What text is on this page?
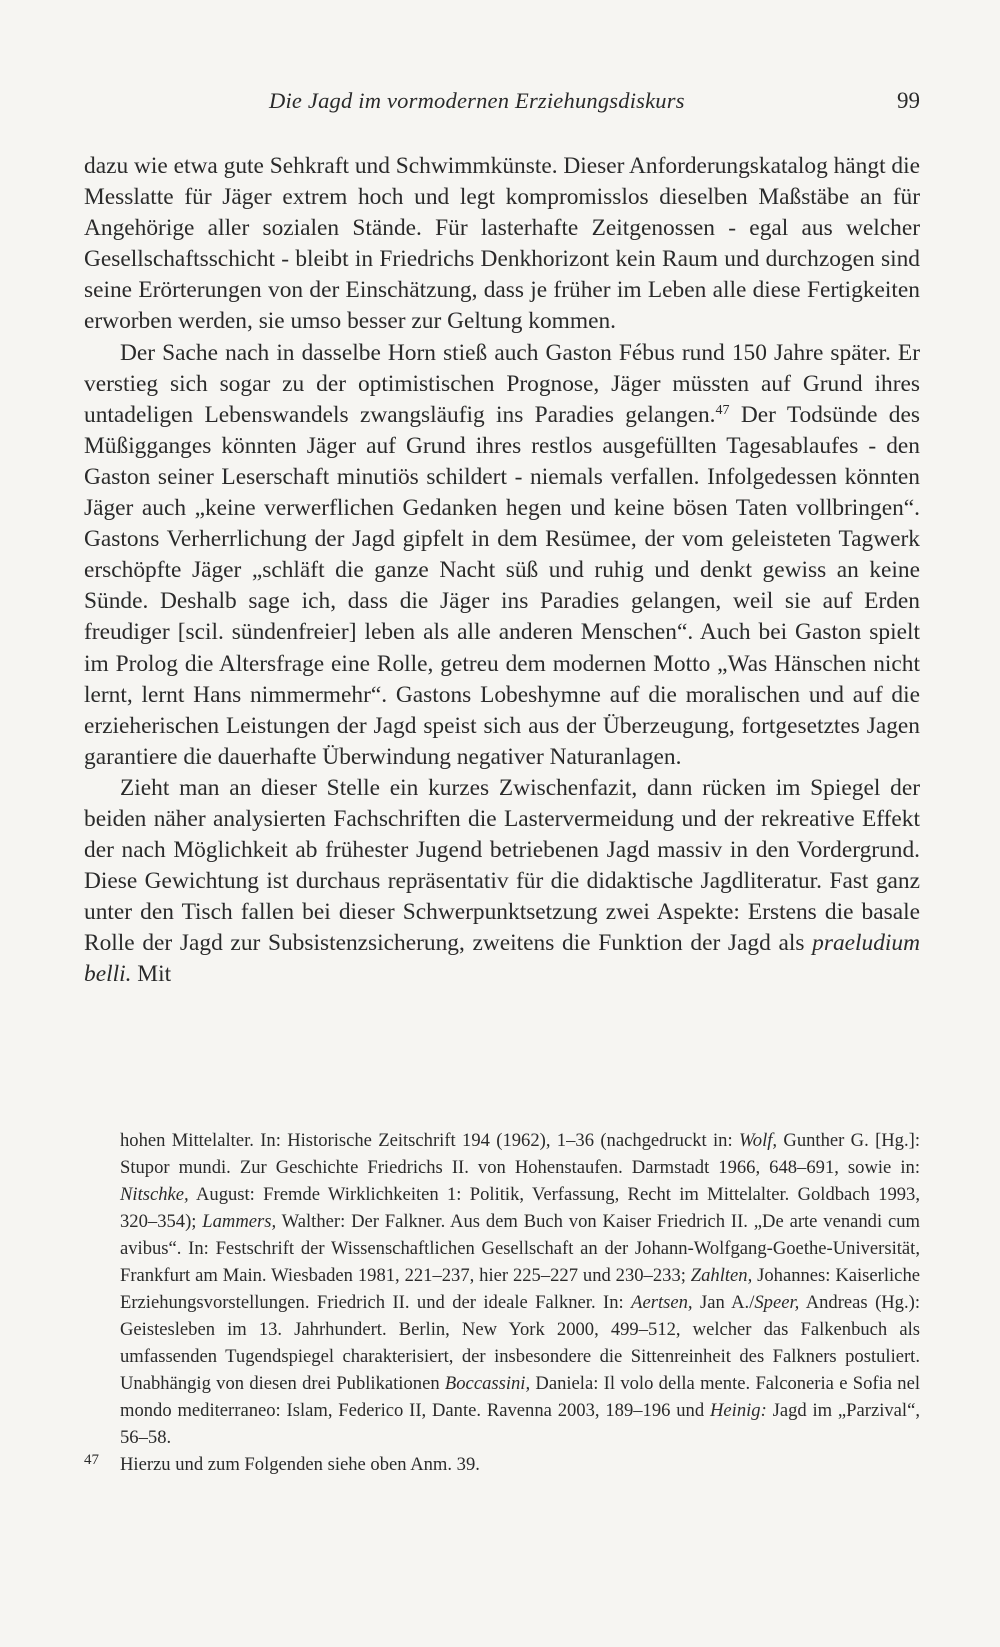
Die Jagd im vormodernen Erziehungsdiskurs	99

dazu wie etwa gute Sehkraft und Schwimmkünste. Dieser Anforderungskatalog hängt die Messlatte für Jäger extrem hoch und legt kompromisslos dieselben Maßstäbe an für Angehörige aller sozialen Stände. Für lasterhafte Zeitgenossen - egal aus welcher Gesellschaftsschicht - bleibt in Friedrichs Denkhorizont kein Raum und durchzogen sind seine Erörterungen von der Einschätzung, dass je früher im Leben alle diese Fertigkeiten erworben werden, sie umso besser zur Geltung kommen.

Der Sache nach in dasselbe Horn stieß auch Gaston Fébus rund 150 Jahre später. Er verstieg sich sogar zu der optimistischen Prognose, Jäger müssten auf Grund ihres untadeligen Lebenswandels zwangsläufig ins Paradies gelangen.$^{47}$ Der Todsünde des Müßigganges könnten Jäger auf Grund ihres restlos ausgefüllten Tagesablaufes - den Gaston seiner Leserschaft minutiös schildert - niemals verfallen. Infolgedessen könnten Jäger auch „keine verwerflichen Gedanken hegen und keine bösen Taten vollbringen“. Gastons Verherrlichung der Jagd gipfelt in dem Resümee, der vom geleisteten Tagwerk erschöpfte Jäger „schläft die ganze Nacht süß und ruhig und denkt gewiss an keine Sünde. Deshalb sage ich, dass die Jäger ins Paradies gelangen, weil sie auf Erden freudiger [scil. sündenfreier] leben als alle anderen Menschen“. Auch bei Gaston spielt im Prolog die Altersfrage eine Rolle, getreu dem modernen Motto „Was Hänschen nicht lernt, lernt Hans nimmermehr“. Gastons Lobeshymne auf die moralischen und auf die erzieherischen Leistungen der Jagd speist sich aus der Überzeugung, fortgesetztes Jagen garantiere die dauerhafte Überwindung negativer Naturanlagen.

Zieht man an dieser Stelle ein kurzes Zwischenfazit, dann rücken im Spiegel der beiden näher analysierten Fachschriften die Lastervermeidung und der rekreative Effekt der nach Möglichkeit ab frühester Jugend betriebenen Jagd massiv in den Vordergrund. Diese Gewichtung ist durchaus repräsentativ für die didaktische Jagdliteratur. Fast ganz unter den Tisch fallen bei dieser Schwerpunktsetzung zwei Aspekte: Erstens die basale Rolle der Jagd zur Subsistenzsicherung, zweitens die Funktion der Jagd als praeludium belli. Mit

hohen Mittelalter. In: Historische Zeitschrift 194 (1962), 1–36 (nachgedruckt in: Wolf, Gunther G. [Hg.]: Stupor mundi. Zur Geschichte Friedrichs II. von Hohenstaufen. Darmstadt 1966, 648–691, sowie in: Nitschke, August: Fremde Wirklichkeiten 1: Politik, Verfassung, Recht im Mittelalter. Goldbach 1993, 320–354); Lammers, Walther: Der Falkner. Aus dem Buch von Kaiser Friedrich II. „De arte venandi cum avibus“. In: Festschrift der Wissenschaftlichen Gesellschaft an der Johann-Wolfgang-Goethe-Universität, Frankfurt am Main. Wiesbaden 1981, 221–237, hier 225–227 und 230–233; Zahlten, Johannes: Kaiserliche Erziehungsvorstellungen. Friedrich II. und der ideale Falkner. In: Aertsen, Jan A./Speer, Andreas (Hg.): Geistesleben im 13. Jahrhundert. Berlin, New York 2000, 499–512, welcher das Falkenbuch als umfassenden Tugendspiegel charakterisiert, der insbesondere die Sittenreinheit des Falkners postuliert. Unabhängig von diesen drei Publikationen Boccassini, Daniela: Il volo della mente. Falconeria e Sofia nel mondo mediterraneo: Islam, Federico II, Dante. Ravenna 2003, 189–196 und Heinig: Jagd im „Parzival“, 56–58.

47 Hierzu und zum Folgenden siehe oben Anm. 39.
